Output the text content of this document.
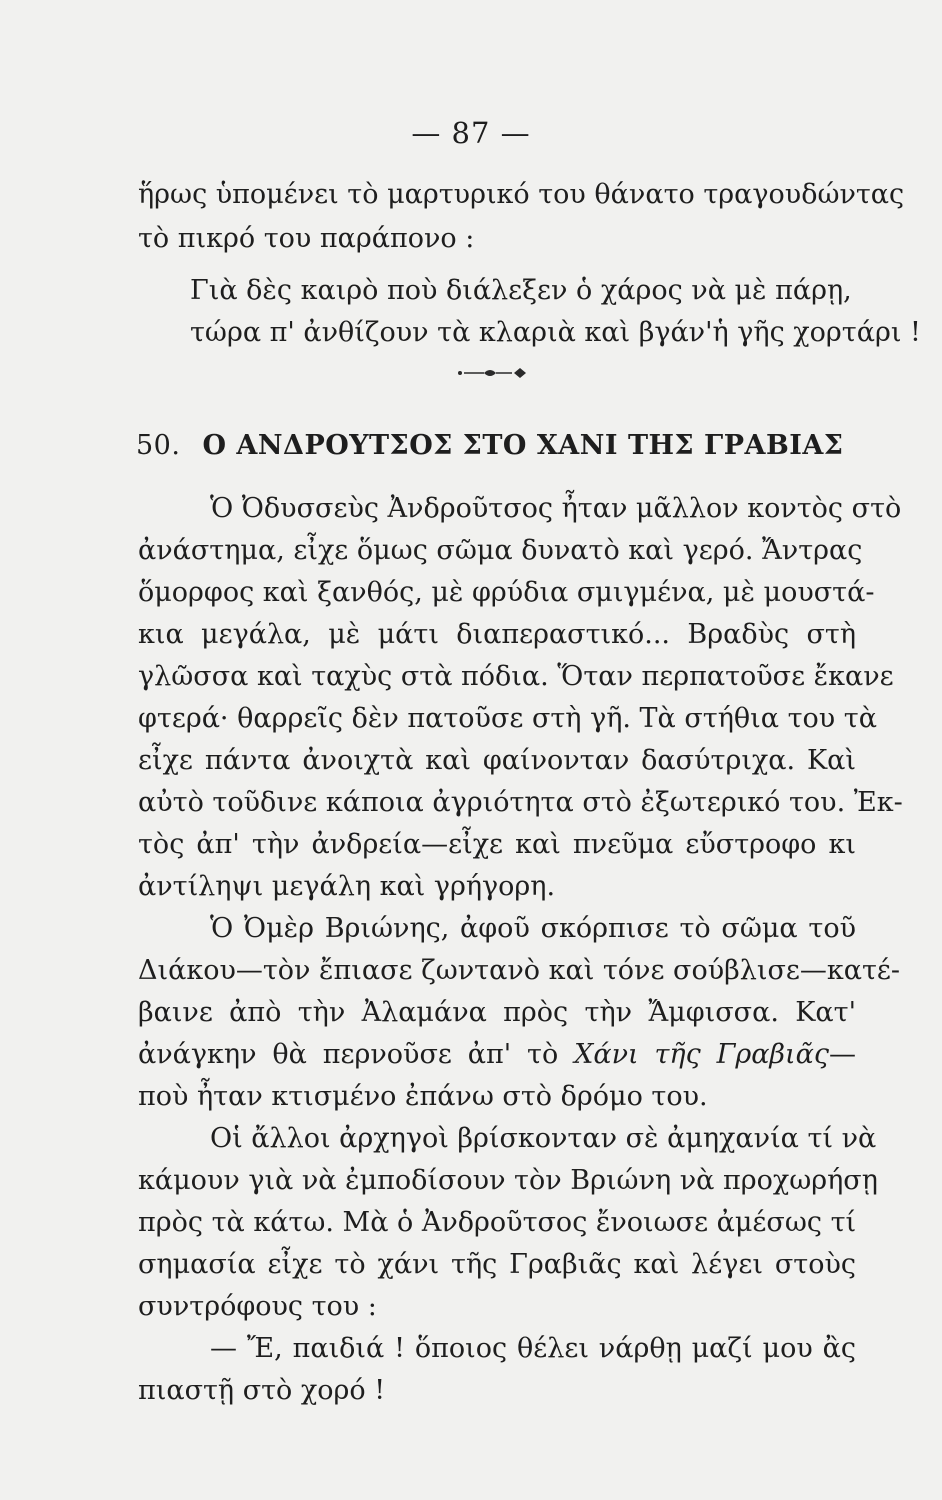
— 87 —
ἥρως ὑπομένει τὸ μαρτυρικό του θάνατο τραγουδώντας
τὸ πικρό του παράπονο :
Γιὰ δὲς καιρὸ ποὺ διάλεξεν ὁ χάρος νὰ μὲ πάρῃ,
τώρα π' ἀνθίζουν τὰ κλαριὰ καὶ βγάν'ἡ γῆς χορτάρι !
50. Ο ΑΝΔΡΟΥΤΣΟΣ ΣΤΟ ΧΑΝΙ ΤΗΣ ΓΡΑΒΙΑΣ
Ὁ Ὀδυσσεὺς Ἀνδροῦτσος ἦταν μᾶλλον κοντὸς στὸ
ἀνάστημα, εἶχε ὅμως σῶμα δυνατὸ καὶ γερό. Ἄντρας
ὅμορφος καὶ ξανθός, μὲ φρύδια σμιγμένα, μὲ μουστά-
κια μεγάλα, μὲ μάτι διαπεραστικό... Βραδὺς στὴ
γλῶσσα καὶ ταχὺς στὰ πόδια. Ὅταν περπατοῦσε ἔκανε
φτερά· θαρρεῖς δὲν πατοῦσε στὴ γῆ. Τὰ στήθια του τὰ
εἶχε πάντα ἀνοιχτὰ καὶ φαίνονταν δασύτριχα. Καὶ
αὐτὸ τοῦδινε κάποια ἀγριότητα στὸ ἐξωτερικό του. Ἐκ-
τὸς ἀπ' τὴν ἀνδρεία—εἶχε καὶ πνεῦμα εὔστροφο κι
ἀντίληψι μεγάλη καὶ γρήγορη.
Ὁ Ὀμὲρ Βριώνης, ἀφοῦ σκόρπισε τὸ σῶμα τοῦ
Διάκου—τὸν ἔπιασε ζωντανὸ καὶ τόνε σούβλισε—κατέ-
βαινε ἀπὸ τὴν Ἀλαμάνα πρὸς τὴν Ἄμφισσα. Κατ'
ἀνάγκην θὰ περνοῦσε ἀπ' τὸ Χάνι τῆς Γραβιᾶς—
ποὺ ἦταν κτισμένο ἐπάνω στὸ δρόμο του.
Οἱ ἄλλοι ἀρχηγοὶ βρίσκονταν σὲ ἀμηχανία τί νὰ
κάμουν γιὰ νὰ ἐμποδίσουν τὸν Βριώνη νὰ προχωρήσῃ
πρὸς τὰ κάτω. Μὰ ὁ Ἀνδροῦτσος ἔνοιωσε ἀμέσως τί
σημασία εἶχε τὸ χάνι τῆς Γραβιᾶς καὶ λέγει στοὺς
συντρόφους του :
— Ἔ, παιδιά ! ὅποιος θέλει νάρθῃ μαζί μου ἂς
πιαστῇ στὸ χορό !
